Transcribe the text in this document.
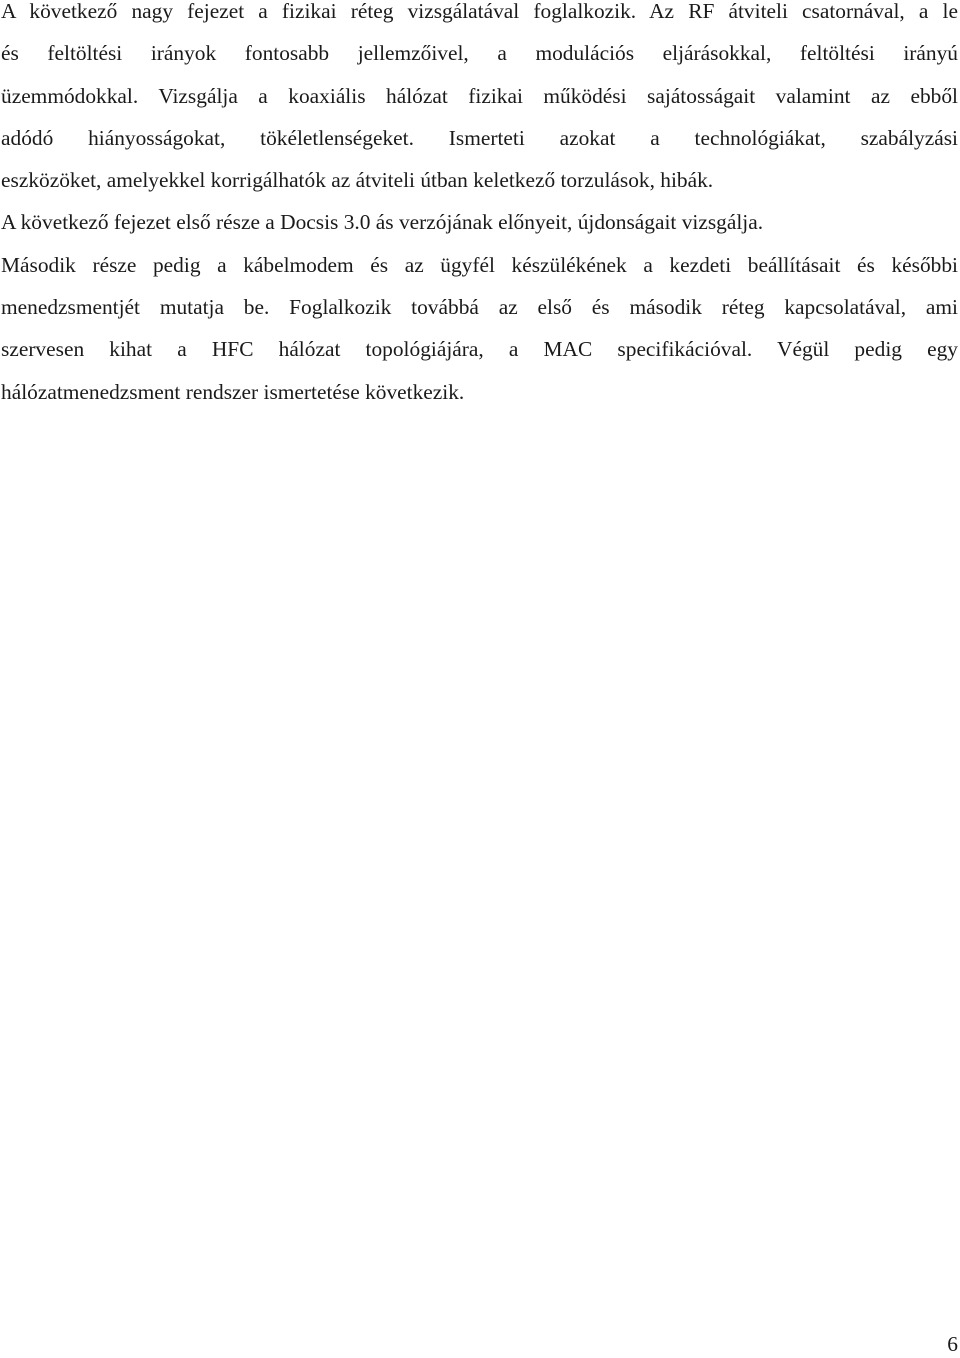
A következő nagy fejezet a fizikai réteg vizsgálatával foglalkozik. Az RF átviteli csatornával, a le
és feltöltési irányok fontosabb jellemzőivel, a modulációs eljárásokkal, feltöltési irányú
üzemmódokkal. Vizsgálja a koaxiális hálózat fizikai működési sajátosságait valamint az ebből
adódó hiányosságokat, tökéletlenségeket. Ismerteti azokat a technológiákat, szabályzási
eszközöket, amelyekkel korrigálhatók az átviteli útban keletkező torzulások, hibák.
A következő fejezet első része a Docsis 3.0 ás verzójának előnyeit, újdonságait vizsgálja.
Második része pedig a kábelmodem és az ügyfél készülékének a kezdeti beállításait és későbbi
menedzsmentjét mutatja be. Foglalkozik továbbá az első és második réteg kapcsolatával, ami
szervesen kihat a HFC hálózat topológiájára, a MAC specifikációval. Végül pedig egy
hálózatmenedzsment rendszer ismertetése következik.
6
